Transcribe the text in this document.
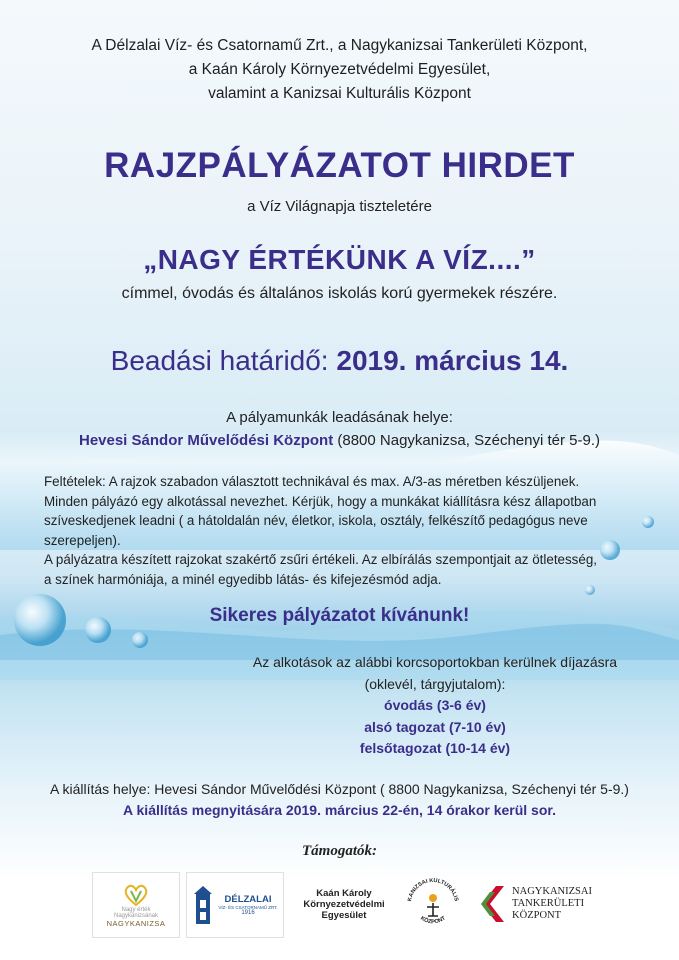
A Délzalai Víz- és Csatornamű Zrt., a Nagykanizsai Tankerületi Központ,
a Kaán Károly Környezetvédelmi Egyesület,
valamint a Kanizsai Kulturális Központ
RAJZPÁLYÁZATOT HIRDET
a Víz Világnapja tiszteletére
„NAGY ÉRTÉKÜNK A VÍZ....”
címmel, óvodás és általános iskolás korú gyermekek részére.
Beadási határidő: 2019. március 14.
A pályamunkák leadásának helye:
Hevesi Sándor Művelődési Központ (8800 Nagykanizsa, Széchenyi tér 5-9.)

Feltételek: A rajzok szabadon választott technikával és max. A/3-as méretben készüljenek.

Minden pályázó egy alkotással nevezhet. Kérjük, hogy a munkákat kiállításra kész állapotban

szíveskedjenek leadni ( a hátoldalán név, életkor, iskola, osztály, felkészítő pedagógus neve

szerepeljen).

A pályázatra készített rajzokat szakértő zsűri értékeli. Az elbírálás szempontjait az ötletesség,

a színek harmóniája, a minél egyedibb látás- és kifejezésmód adja.

Sikeres pályázatot kívánunk!
Az alkotások az alábbi korcsoportokban kerülnek díjazásra
(oklevél, tárgyjutalom):
óvodás (3-6 év)
alsó tagozat (7-10 év)
felsőtagozat (10-14 év)
A kiállítás helye: Hevesi Sándor Művelődési Központ ( 8800 Nagykanizsa, Széchenyi tér 5-9.)
A kiállítás megnyitására 2019. március 22-én, 14 órakor kerül sor.
Támogatók:
Nagy érték
Nagykanizsának
NAGYKANIZSA
DÉLZALAI
VÍZ- ÉS CSATORNAMŰ ZRT.
1916
Kaán Károly
Környezetvédelmi
Egyesület
KANIZSAI KULTURÁLIS
KÖZPONT
NAGYKANIZSAI
TANKERÜLETI
KÖZPONT
